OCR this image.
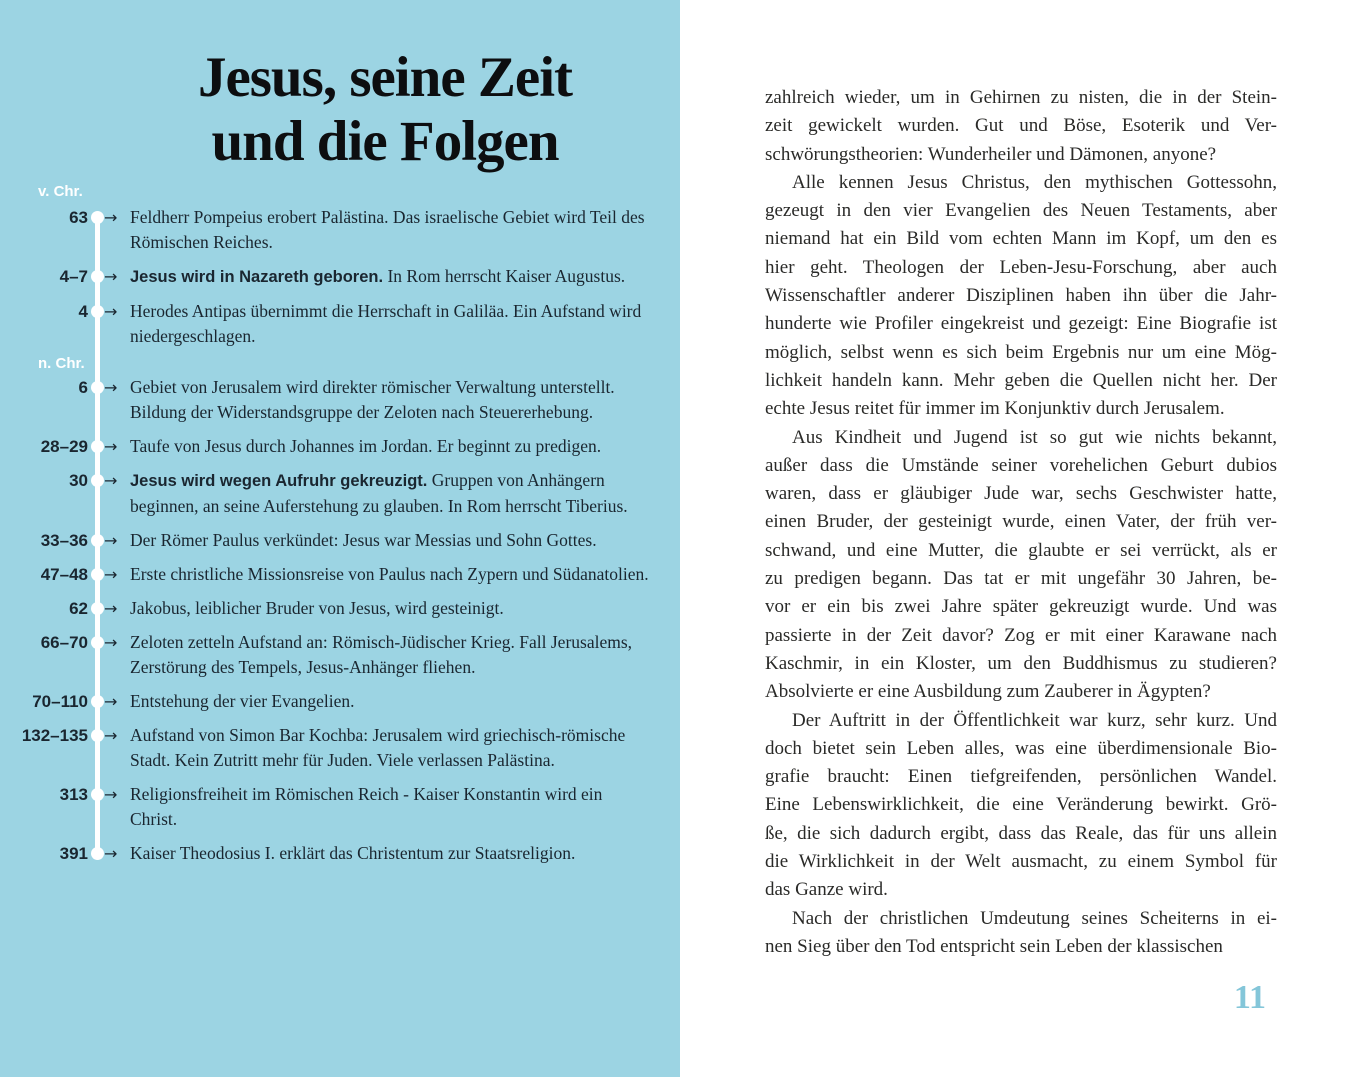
Jesus, seine Zeit
und die Folgen
v. Chr.
63	→ Feldherr Pompeius erobert Palästina. Das israelische Gebiet wird Teil des Römischen Reiches.
4–7	→ Jesus wird in Nazareth geboren. In Rom herrscht Kaiser Augustus.
4	→ Herodes Antipas übernimmt die Herrschaft in Galiläa. Ein Aufstand wird niedergeschlagen.
n. Chr.
6	→ Gebiet von Jerusalem wird direkter römischer Verwaltung unterstellt. Bildung der Widerstandsgruppe der Zeloten nach Steuererhebung.
28–29	→ Taufe von Jesus durch Johannes im Jordan. Er beginnt zu predigen.
30	→ Jesus wird wegen Aufruhr gekreuzigt. Gruppen von Anhängern beginnen, an seine Auferstehung zu glauben. In Rom herrscht Tiberius.
33–36	→ Der Römer Paulus verkündet: Jesus war Messias und Sohn Gottes.
47–48	→ Erste christliche Missionsreise von Paulus nach Zypern und Südanatolien.
62	→ Jakobus, leiblicher Bruder von Jesus, wird gesteinigt.
66–70	→ Zeloten zetteln Aufstand an: Römisch-Jüdischer Krieg. Fall Jerusalems, Zerstörung des Tempels, Jesus-Anhänger fliehen.
70–110	→ Entstehung der vier Evangelien.
132–135	→ Aufstand von Simon Bar Kochba: Jerusalem wird griechisch-römische Stadt. Kein Zutritt mehr für Juden. Viele verlassen Palästina.
313	→ Religionsfreiheit im Römischen Reich - Kaiser Konstantin wird ein Christ.
391	→ Kaiser Theodosius I. erklärt das Christentum zur Staatsreligion.
zahlreich wieder, um in Gehirnen zu nisten, die in der Stein-
zeit gewickelt wurden. Gut und Böse, Esoterik und Ver-
schwörungstheorien: Wunderheiler und Dämonen, anyone?
Alle kennen Jesus Christus, den mythischen Gottessohn,
gezeugt in den vier Evangelien des Neuen Testaments, aber
niemand hat ein Bild vom echten Mann im Kopf, um den es
hier geht. Theologen der Leben-Jesu-Forschung, aber auch
Wissenschaftler anderer Disziplinen haben ihn über die Jahr-
hunderte wie Profiler eingekreist und gezeigt: Eine Biografie ist
möglich, selbst wenn es sich beim Ergebnis nur um eine Mög-
lichkeit handeln kann. Mehr geben die Quellen nicht her. Der
echte Jesus reitet für immer im Konjunktiv durch Jerusalem.
Aus Kindheit und Jugend ist so gut wie nichts bekannt,
außer dass die Umstände seiner vorehelichen Geburt dubios
waren, dass er gläubiger Jude war, sechs Geschwister hatte,
einen Bruder, der gesteinigt wurde, einen Vater, der früh ver-
schwand, und eine Mutter, die glaubte er sei verrückt, als er
zu predigen begann. Das tat er mit ungefähr 30 Jahren, be-
vor er ein bis zwei Jahre später gekreuzigt wurde. Und was
passierte in der Zeit davor? Zog er mit einer Karawane nach
Kaschmir, in ein Kloster, um den Buddhismus zu studieren?
Absolvierte er eine Ausbildung zum Zauberer in Ägypten?
Der Auftritt in der Öffentlichkeit war kurz, sehr kurz. Und
doch bietet sein Leben alles, was eine überdimensionale Bio-
grafie braucht: Einen tiefgreifenden, persönlichen Wandel.
Eine Lebenswirklichkeit, die eine Veränderung bewirkt. Grö-
ße, die sich dadurch ergibt, dass das Reale, das für uns allein
die Wirklichkeit in der Welt ausmacht, zu einem Symbol für
das Ganze wird.
Nach der christlichen Umdeutung seines Scheiterns in ei-
nen Sieg über den Tod entspricht sein Leben der klassischen
11
